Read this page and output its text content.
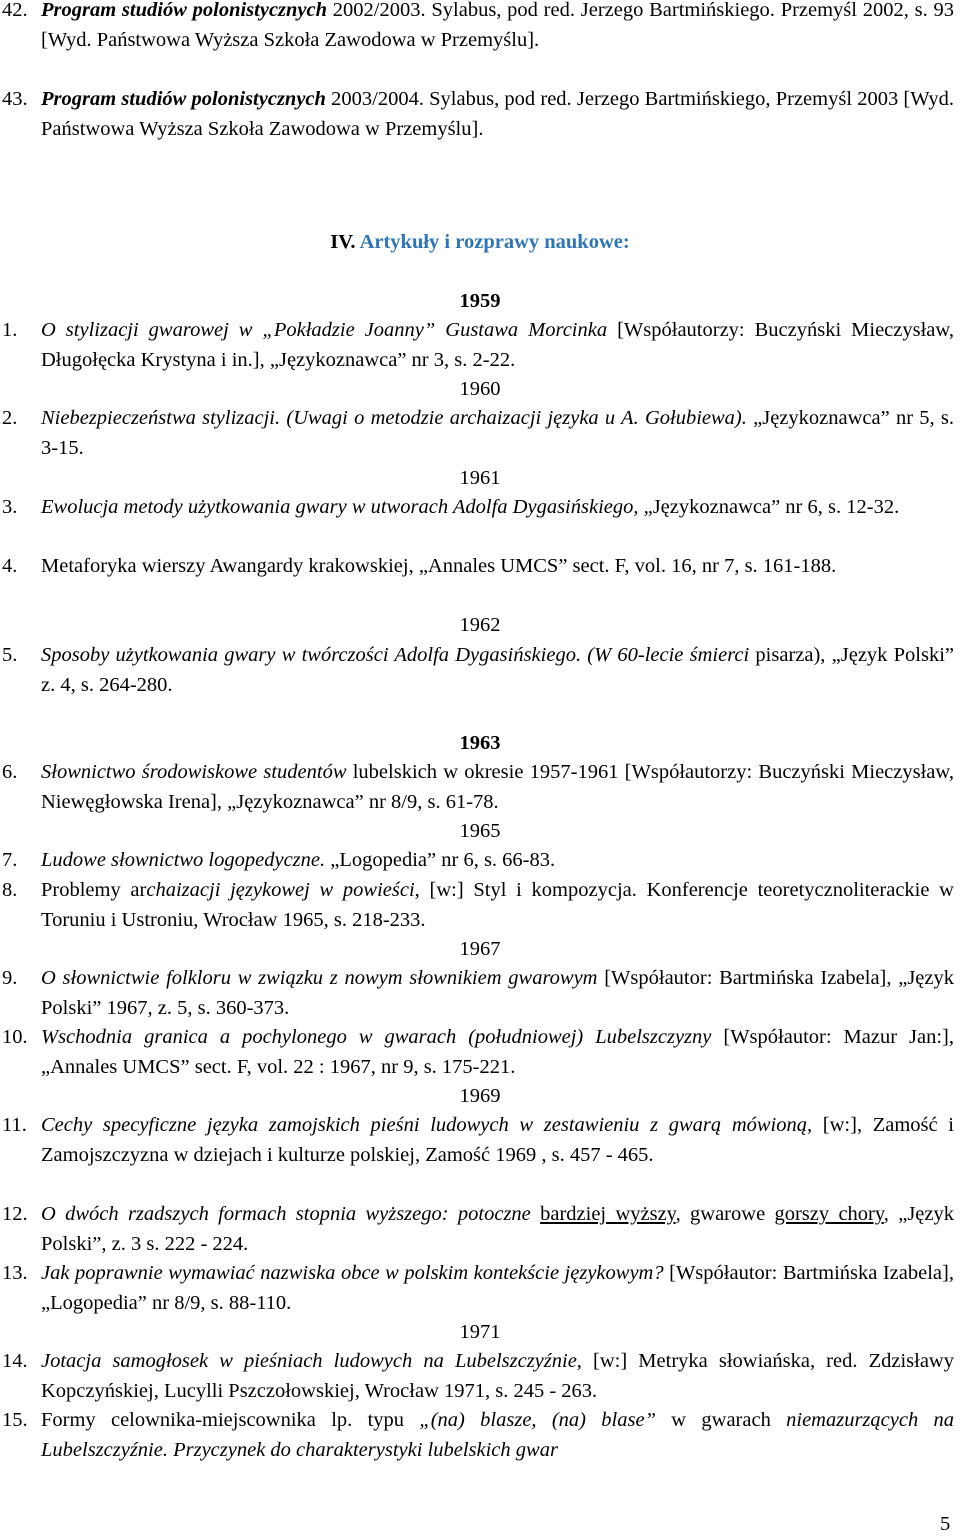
42. Program studiów polonistycznych 2002/2003. Sylabus, pod red. Jerzego Bartmińskiego. Przemyśl 2002, s. 93 [Wyd. Państwowa Wyższa Szkoła Zawodowa w Przemyślu].
43. Program studiów polonistycznych 2003/2004. Sylabus, pod red. Jerzego Bartmińskiego, Przemyśl 2003 [Wyd. Państwowa Wyższa Szkoła Zawodowa w Przemyślu].
IV. Artykuły i rozprawy naukowe:
1959
1. O stylizacji gwarowej w „Pokładzie Joanny” Gustawa Morcinka [Współautorzy: Buczyński Mieczysław, Długołęcka Krystyna i in.], „Językoznawca” nr 3, s. 2-22.
1960
2. Niebezpieczeństwa stylizacji. (Uwagi o metodzie archaizacji języka u A. Gołubiewa). „Językoznawca” nr 5, s. 3-15.
1961
3. Ewolucja metody użytkowania gwary w utworach Adolfa Dygasińskiego, „Językoznawca” nr 6, s. 12-32.
4. Metaforyka wierszy Awangardy krakowskiej, „Annales UMCS” sect. F, vol. 16, nr 7, s. 161-188.
1962
5. Sposoby użytkowania gwary w twórczości Adolfa Dygasińskiego. (W 60-lecie śmierci pisarza), „Język Polski” z. 4, s. 264-280.
1963
6. Słownictwo środowiskowe studentów lubelskich w okresie 1957-1961 [Współautorzy: Buczyński Mieczysław, Niewęgłowska Irena], „Językoznawca” nr 8/9, s. 61-78.
1965
7. Ludowe słownictwo logopedyczne. „Logopedia” nr 6, s. 66-83.
8. Problemy archaizacji językowej w powieści, [w:] Styl i kompozycja. Konferencje teoretycznoliterackie w Toruniu i Ustroniu, Wrocław 1965, s. 218-233.
1967
9. O słownictwie folkloru w związku z nowym słownikiem gwarowym [Współautor: Bartmińska Izabela], „Język Polski” 1967, z. 5, s. 360-373.
10. Wschodnia granica a pochylonego w gwarach (południowej) Lubelszczyzny [Współautor: Mazur Jan:], „Annales UMCS” sect. F, vol. 22 : 1967, nr 9, s. 175-221.
1969
11. Cechy specyficzne języka zamojskich pieśni ludowych w zestawieniu z gwarą mówioną, [w:], Zamość i Zamojszczyzna w dziejach i kulturze polskiej, Zamość 1969 , s. 457 - 465.
12. O dwóch rzadszych formach stopnia wyższego: potoczne bardziej wyższy, gwarowe gorszy chory, „Język Polski”, z. 3 s. 222 - 224.
13. Jak poprawnie wymawiać nazwiska obce w polskim kontekście językowym? [Współautor: Bartmińska Izabela], „Logopedia” nr 8/9, s. 88-110.
1971
14. Jotacja samogłosek w pieśniach ludowych na Lubelszczyźnie, [w:] Metryka słowiańska, red. Zdzisławy Kopczyńskiej, Lucylli Pszczołowskiej, Wrocław 1971, s. 245 - 263.
15. Formy celownika-miejscownika lp. typu „(na) blasze, (na) blase” w gwarach niemazurzących na Lubelszczyźnie. Przyczynek do charakterystyki lubelskich gwar
5
